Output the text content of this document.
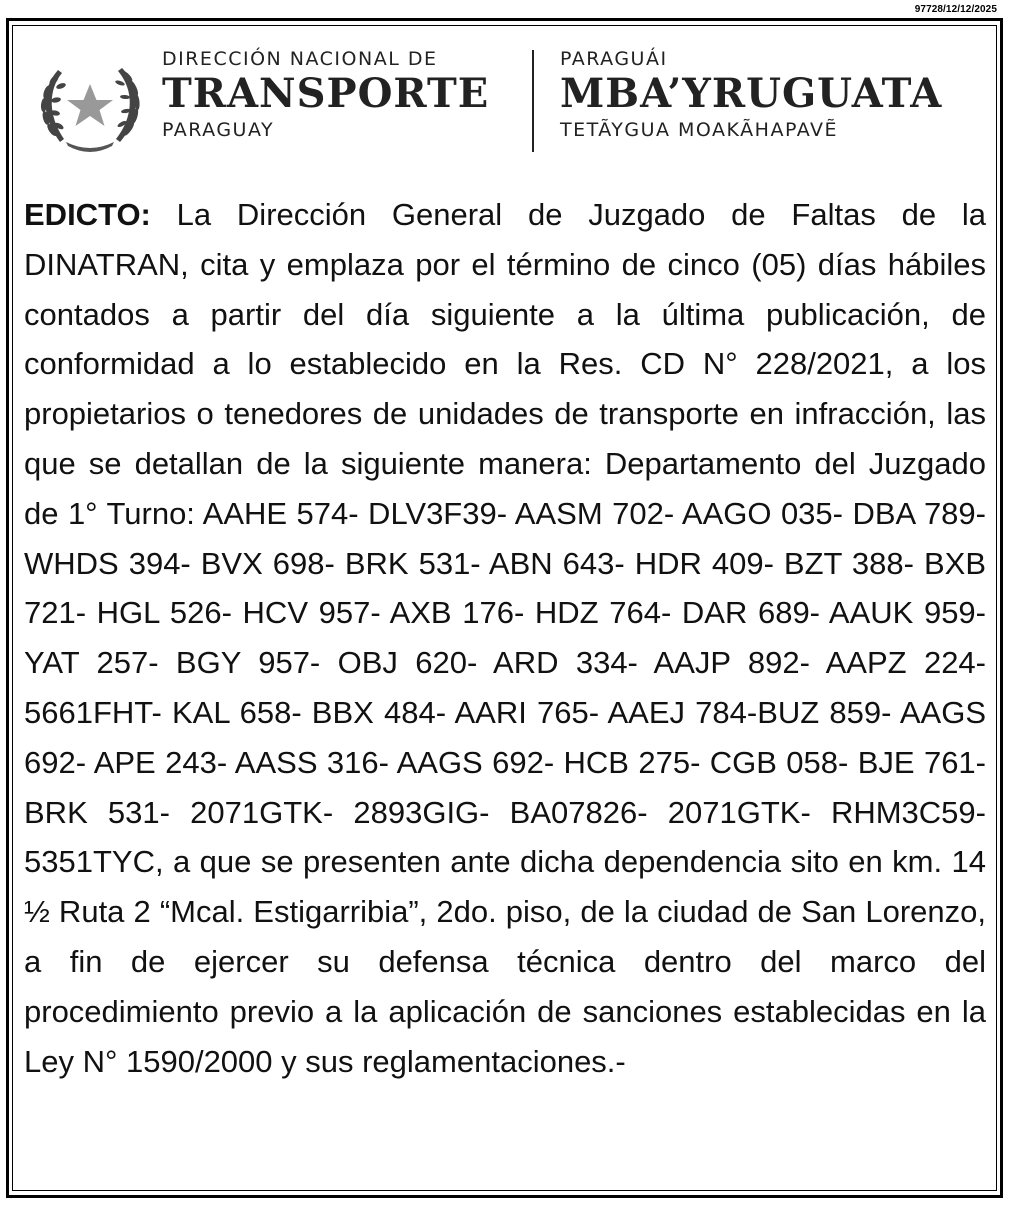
97728/12/12/2025
DIRECCIÓN NACIONAL DE
TRANSPORTE
PARAGUAY
PARAGUÁI
MBA’YRUGUATA
TETÃYGUA MOAKÃHAPAVẼ
EDICTO: La Dirección General de Juzgado de Faltas de la DINATRAN, cita y emplaza por el término de cinco (05) días hábiles contados a partir del día siguiente a la última publicación, de conformidad a lo establecido en la Res. CD N° 228/2021, a los propietarios o tenedores de unidades de transporte en infracción, las que se detallan de la siguiente manera: Departamento del Juzgado de 1° Turno: AAHE 574- DLV3F39- AASM 702- AAGO 035- DBA 789- WHDS 394- BVX 698- BRK 531- ABN 643- HDR 409- BZT 388- BXB 721- HGL 526- HCV 957- AXB 176- HDZ 764- DAR 689- AAUK 959- YAT 257- BGY 957- OBJ 620- ARD 334- AAJP 892- AAPZ 224- 5661FHT- KAL 658- BBX 484- AARI 765- AAEJ 784-BUZ 859- AAGS 692- APE 243- AASS 316- AAGS 692- HCB 275- CGB 058- BJE 761- BRK 531- 2071GTK- 2893GIG- BA07826- 2071GTK- RHM3C59- 5351TYC, a que se presenten ante dicha dependencia sito en km. 14 ½ Ruta 2 “Mcal. Estigarribia”, 2do. piso, de la ciudad de San Lorenzo, a fin de ejercer su defensa técnica dentro del marco del procedimiento previo a la aplicación de sanciones establecidas en la Ley N° 1590/2000 y sus reglamentaciones.-
